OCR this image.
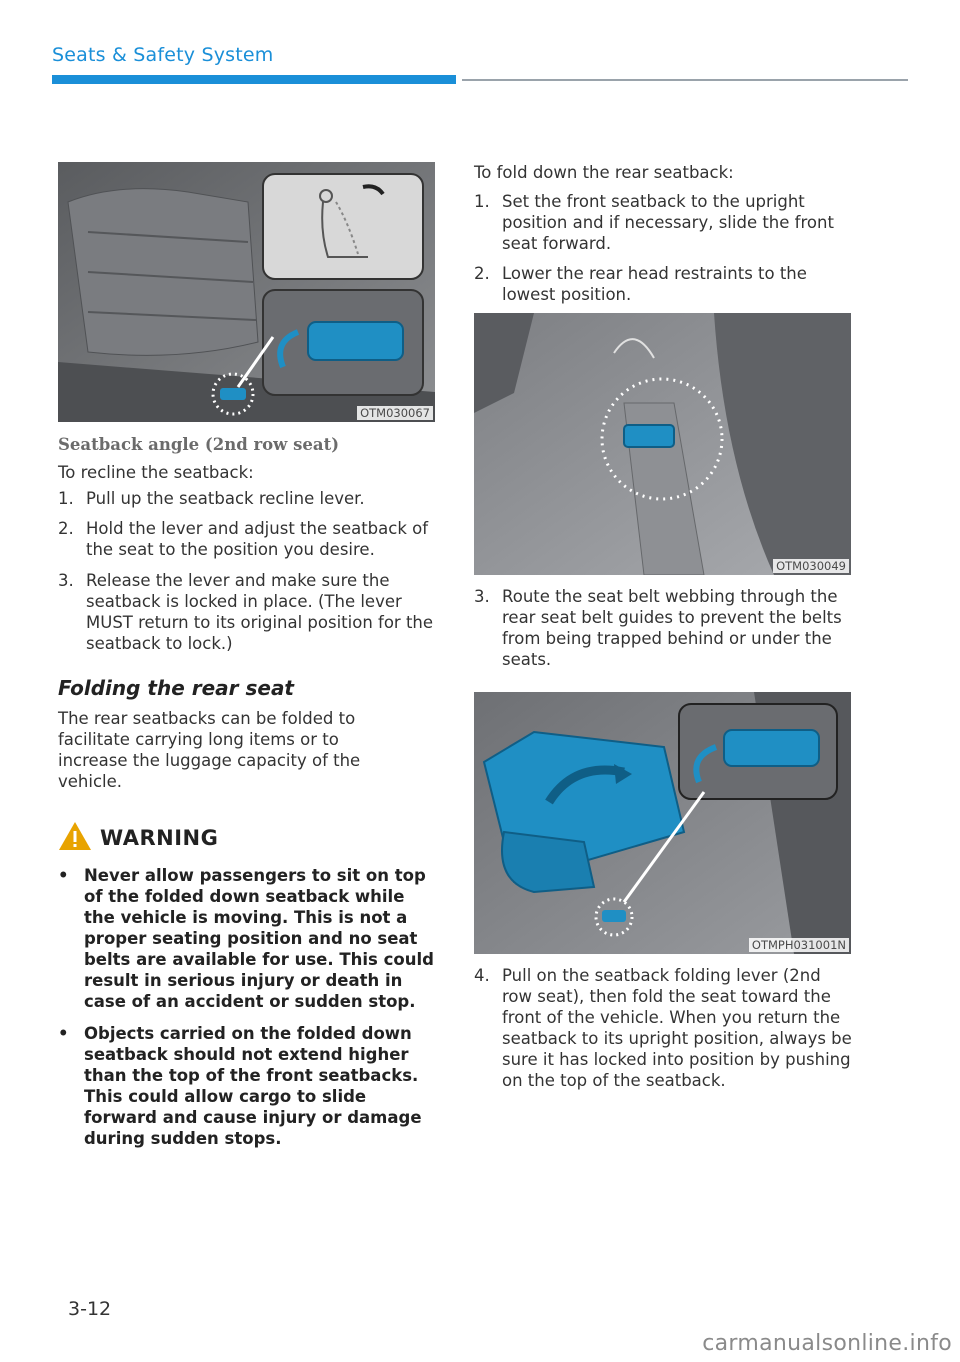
Seats & Safety System
OTM030067
Seatback angle (2nd row seat)
To recline the seatback:
1. Pull up the seatback recline lever.
2. Hold the lever and adjust the seatback of the seat to the position you desire.
3. Release the lever and make sure the seatback is locked in place. (The lever MUST return to its original position for the seatback to lock.)
Folding the rear seat
The rear seatbacks can be folded to facilitate carrying long items or to increase the luggage capacity of the vehicle.
WARNING
• Never allow passengers to sit on top of the folded down seatback while the vehicle is moving. This is not a proper seating position and no seat belts are available for use. This could result in serious injury or death in case of an accident or sudden stop.
• Objects carried on the folded down seatback should not extend higher than the top of the front seatbacks. This could allow cargo to slide forward and cause injury or damage during sudden stops.
To fold down the rear seatback:
1. Set the front seatback to the upright position and if necessary, slide the front seat forward.
2. Lower the rear head restraints to the lowest position.
OTM030049
3. Route the seat belt webbing through the rear seat belt guides to prevent the belts from being trapped behind or under the seats.
OTMPH031001N
4. Pull on the seatback folding lever (2nd row seat), then fold the seat toward the front of the vehicle. When you return the seatback to its upright position, always be sure it has locked into position by pushing on the top of the seatback.
3-12
carmanualsonline.info
